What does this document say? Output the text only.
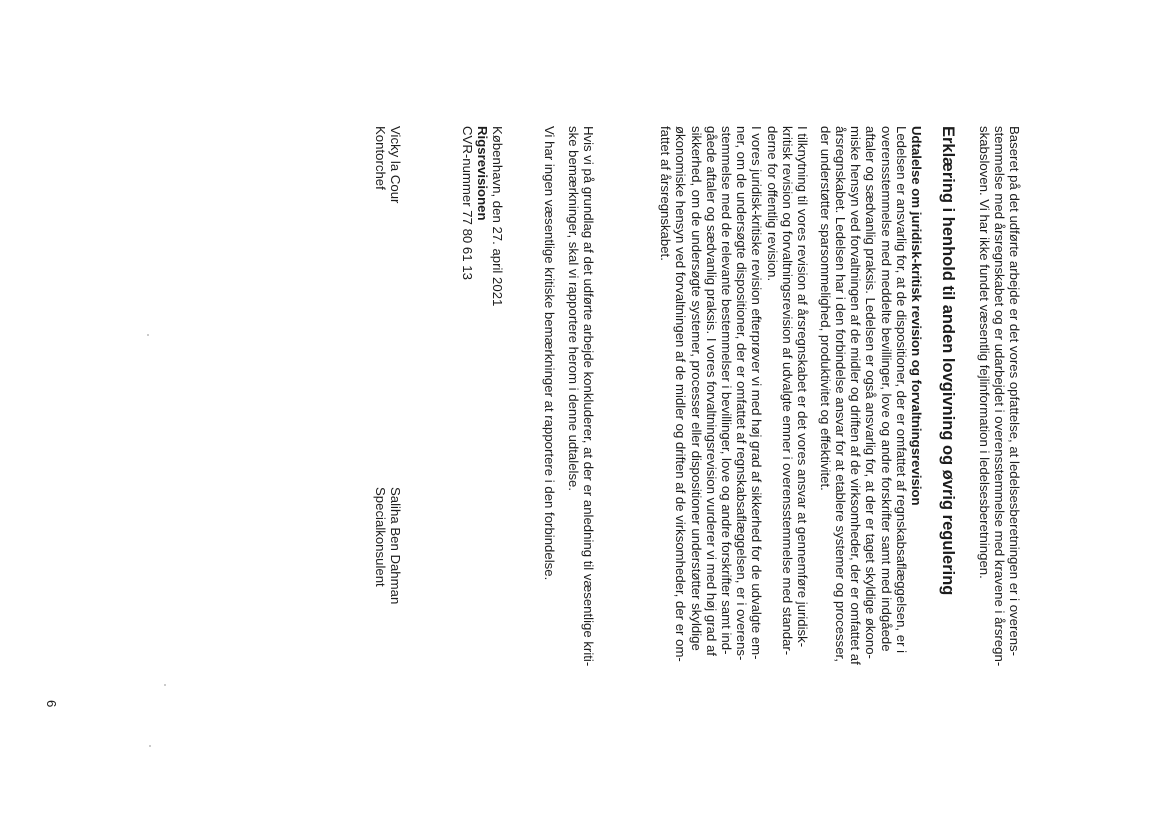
Baseret på det udførte arbejde er det vores opfattelse, at ledelsesberetningen er i overens-
stemmelse med årsregnskabet og er udarbejdet i overensstemmelse med kravene i årsregn-
skabsloven. Vi har ikke fundet væsentlig fejlinformation i ledelsesberetningen.
Erklæring i henhold til anden lovgivning og øvrig regulering
Udtalelse om juridisk-kritisk revision og forvaltningsrevision
Ledelsen er ansvarlig for, at de dispositioner, der er omfattet af regnskabsaflæggelsen, er i
overensstemmelse med meddelte bevillinger, love og andre forskrifter samt med indgåede
aftaler og sædvanlig praksis. Ledelsen er også ansvarlig for, at der er taget skyldige økono-
miske hensyn ved forvaltningen af de midler og driften af de virksomheder, der er omfattet af
årsregnskabet. Ledelsen har i den forbindelse ansvar for at etablere systemer og processer,
der understøtter sparsommelighed, produktivitet og effektivitet.
I tilknytning til vores revision af årsregnskabet er det vores ansvar at gennemføre juridisk-
kritisk revision og forvaltningsrevision af udvalgte emner i overensstemmelse med standar-
derne for offentlig revision.
I vores juridisk-kritiske revision efterprøver vi med høj grad af sikkerhed for de udvalgte em-
ner, om de undersøgte dispositioner, der er omfattet af regnskabsaflæggelsen, er i overens-
stemmelse med de relevante bestemmelser i bevillinger, love og andre forskrifter samt ind-
gåede aftaler og sædvanlig praksis. I vores forvaltningsrevision vurderer vi med høj grad af
sikkerhed, om de undersøgte systemer, processer eller dispositioner understøtter skyldige
økonomiske hensyn ved forvaltningen af de midler og driften af de virksomheder, der er om-
fattet af årsregnskabet.
Hvis vi på grundlag af det udførte arbejde konkluderer, at der er anledning til væsentlige kriti-
ske bemærkninger, skal vi rapportere herom i denne udtalelse.
Vi har ingen væsentlige kritiske bemærkninger at rapportere i den forbindelse.
København, den 27. april 2021
Rigsrevisionen
CVR-nummer 77 80 61 13
Vicky la Cour
Kontorchef
Saliha Ben Dahman
Specialkonsulent
6
